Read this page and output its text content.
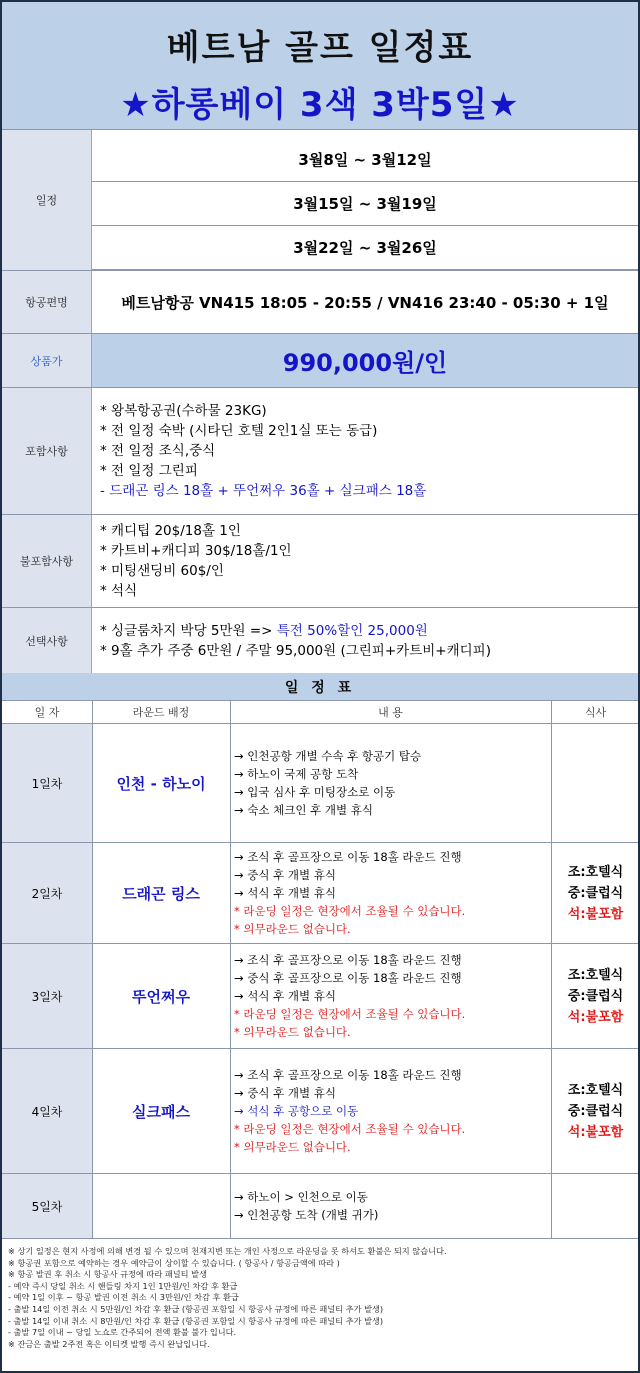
베트남 골프 일정표
★하롱베이 3색 3박5일★
일정
3월8일 ~ 3월12일
3월15일 ~ 3월19일
3월22일 ~ 3월26일
항공편명	베트남항공 VN415 18:05 - 20:55 / VN416 23:40 - 05:30 + 1일
상품가	990,000원/인
포함사항
* 왕복항공권(수하물 23KG)
* 전 일정 숙박 (시타딘 호텔 2인1실 또는 동급)
* 전 일정 조식,중식
* 전 일정 그린피
- 드래곤 링스 18홀 + 뚜언쩌우 36홀 + 실크패스 18홀
불포함사항
* 캐디팁 20$/18홀 1인
* 카트비+캐디피 30$/18홀/1인
* 미팅샌딩비 60$/인
* 석식
선택사항
* 싱글룸차지 박당 5만원 => 특전 50%할인 25,000원
* 9홀 추가 주중 6만원 / 주말 95,000원 (그린피+카트비+캐디피)
일 정 표
일 자	라운드 배정	내 용	식사
1일차	인천 - 하노이
→ 인천공항 개별 수속 후 항공기 탑승
→ 하노이 국제 공항 도착
→ 입국 심사 후 미팅장소로 이동
→ 숙소 체크인 후 개별 휴식
2일차	드래곤 링스
→ 조식 후 골프장으로 이동 18홀 라운드 진행
→ 중식 후 개별 휴식
→ 석식 후 개별 휴식
* 라운딩 일정은 현장에서 조율될 수 있습니다.
* 의무라운드 없습니다.
조:호텔식
중:클럽식
석:불포함
3일차	뚜언쩌우
→ 조식 후 골프장으로 이동 18홀 라운드 진행
→ 중식 후 골프장으로 이동 18홀 라운드 진행
→ 석식 후 개별 휴식
* 라운딩 일정은 현장에서 조율될 수 있습니다.
* 의무라운드 없습니다.
조:호텔식
중:클럽식
석:불포함
4일차	실크패스
→ 조식 후 골프장으로 이동 18홀 라운드 진행
→ 중식 후 개별 휴식
→ 석식 후 공항으로 이동
* 라운딩 일정은 현장에서 조율될 수 있습니다.
* 의무라운드 없습니다.
조:호텔식
중:클럽식
석:불포함
5일차
→ 하노이 > 인천으로 이동
→ 인천공항 도착 (개별 귀가)
※ 상기 일정은 현지 사정에 의해 변경 될 수 있으며 천재지변 또는 개인 사정으로 라운딩을 못 하셔도 환불은 되지 않습니다.
※ 항공권 포함으로 예약하는 경우 예약금이 상이할 수 있습니다. ( 항공사 / 항공금액에 따라 )
※ 항공 발권 후 취소 시 항공사 규정에 따라 패널티 발생
- 예약 즉시 당일 취소 시 핸들링 차지 1인 1만원/인 차감 후 환급
- 예약 1일 이후 ~ 항공 발권 이전 취소 시 3만원/인 차감 후 환급
- 출발 14일 이전 취소 시 5만원/인 차감 후 환급 (항공권 포함일 시 항공사 규정에 따른 패널티 추가 발생)
- 출발 14일 이내 취소 시 8만원/인 차감 후 환급 (항공권 포함일 시 항공사 규정에 따른 패널티 추가 발생)
- 출발 7일 이내 ~ 당일 노쇼로 간주되어 전액 환불 불가 입니다.
※ 잔금은 출발 2주전 혹은 이티켓 발행 즉시 완납입니다.
